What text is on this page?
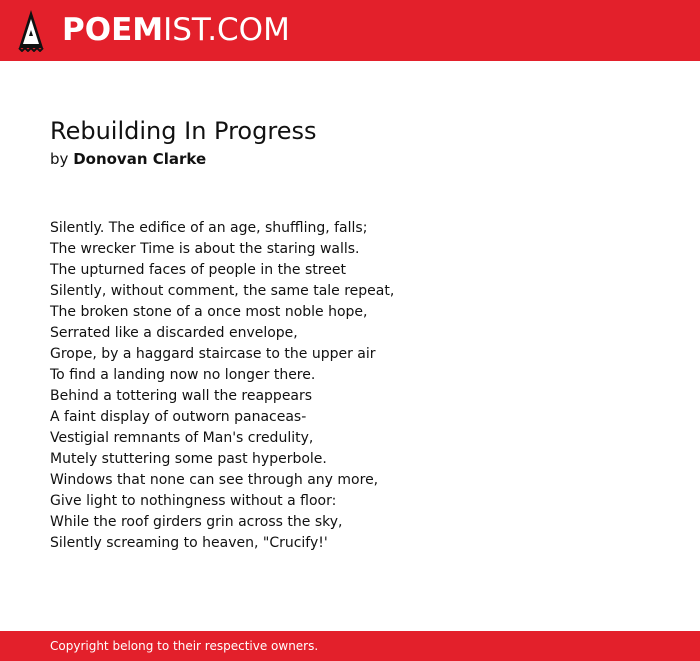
POEMIST.COM
Rebuilding In Progress
by Donovan Clarke
Silently. The edifice of an age, shuffling, falls;
The wrecker Time is about the staring walls.
The upturned faces of people in the street
Silently, without comment, the same tale repeat,
The broken stone of a once most noble hope,
Serrated like a discarded envelope,
Grope, by a haggard staircase to the upper air
To find a landing now no longer there.
Behind a tottering wall the reappears
A faint display of outworn panaceas-
Vestigial remnants of Man's credulity,
Mutely stuttering some past hyperbole.
Windows that none can see through any more,
Give light to nothingness without a floor:
While the roof girders grin across the sky,
Silently screaming to heaven, "Crucify!'
Copyright belong to their respective owners.
